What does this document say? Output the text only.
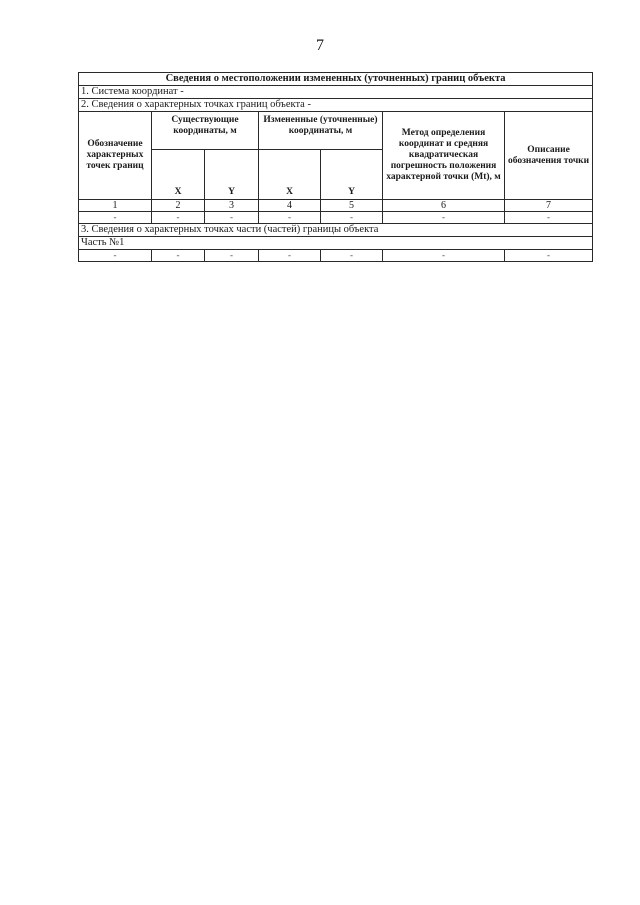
7
Сведения о местоположении измененных (уточненных) границ объекта						
1. Система координат -						
2. Сведения о характерных точках границ объекта -						
Обозначение характерных точек границ	Существующие координаты, м		Измененные (уточненные) координаты, м		Метод определения координат и средняя квадратическая погрешность положения характерной точки (Mt), м	Описание обозначения точки
	X	Y	X	Y		
1	2	3	4	5	6	7
-	-	-	-	-	-	-
3. Сведения о характерных точках части (частей) границы объекта						
Часть №1						
-	-	-	-	-	-	-
